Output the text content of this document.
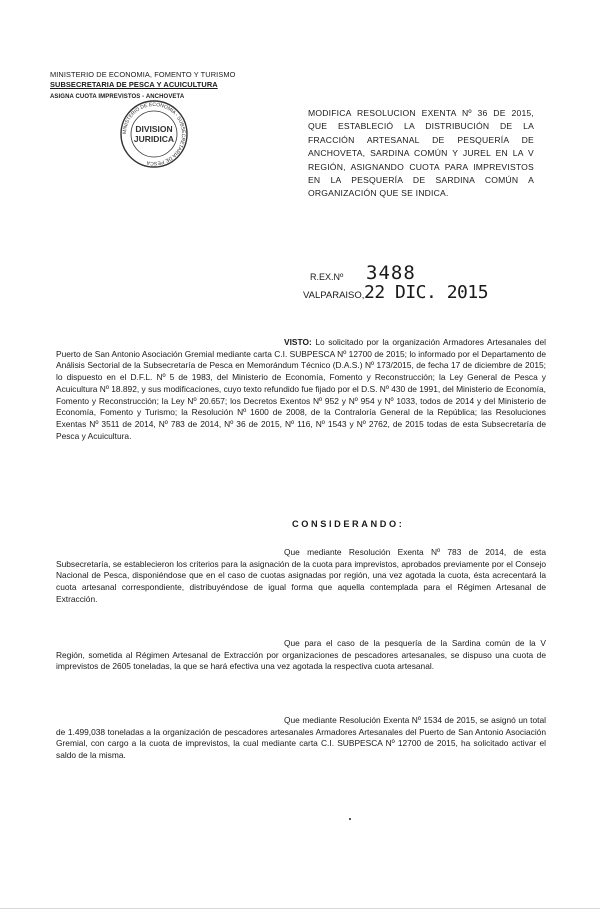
MINISTERIO DE ECONOMIA, FOMENTO Y TURISMO
SUBSECRETARIA DE PESCA Y ACUICULTURA
ASIGNA CUOTA IMPREVISTOS - ANCHOVETA
MINISTERIO DE ECONOMIA - SUBSECRETARIA DE PESCA
DIVISION
JURIDICA
MODIFICA RESOLUCION EXENTA Nº 36 DE 2015, QUE ESTABLECIÓ LA DISTRIBUCIÓN DE LA FRACCIÓN ARTESANAL DE PESQUERÍA DE ANCHOVETA, SARDINA COMÚN Y JUREL EN LA V REGIÓN, ASIGNANDO CUOTA PARA IMPREVISTOS EN LA PESQUERÍA DE SARDINA COMÚN A ORGANIZACIÓN QUE SE INDICA.
R.EX.Nº 3488
VALPARAISO, 22 DIC. 2015
VISTO: Lo solicitado por la organización Armadores Artesanales del Puerto de San Antonio Asociación Gremial mediante carta C.I. SUBPESCA Nº 12700 de 2015; lo informado por el Departamento de Análisis Sectorial de la Subsecretaría de Pesca en Memorándum Técnico (D.A.S.) Nº 173/2015, de fecha 17 de diciembre de 2015; lo dispuesto en el D.F.L. Nº 5 de 1983, del Ministerio de Economía, Fomento y Reconstrucción; la Ley General de Pesca y Acuicultura Nº 18.892, y sus modificaciones, cuyo texto refundido fue fijado por el D.S. Nº 430 de 1991, del Ministerio de Economía, Fomento y Reconstrucción; la Ley Nº 20.657; los Decretos Exentos Nº 952 y Nº 954 y Nº 1033, todos de 2014 y del Ministerio de Economía, Fomento y Turismo; la Resolución Nº 1600 de 2008, de la Contraloría General de la República; las Resoluciones Exentas Nº 3511 de 2014, Nº 783 de 2014, Nº 36 de 2015, Nº 116, Nº 1543 y Nº 2762, de 2015 todas de esta Subsecretaría de Pesca y Acuicultura.
CONSIDERANDO:
Que mediante Resolución Exenta Nº 783 de 2014, de esta Subsecretaría, se establecieron los criterios para la asignación de la cuota para imprevistos, aprobados previamente por el Consejo Nacional de Pesca, disponiéndose que en el caso de cuotas asignadas por región, una vez agotada la cuota, ésta acrecentará la cuota artesanal correspondiente, distribuyéndose de igual forma que aquella contemplada para el Régimen Artesanal de Extracción.
Que para el caso de la pesquería de la Sardina común de la V Región, sometida al Régimen Artesanal de Extracción por organizaciones de pescadores artesanales, se dispuso una cuota de imprevistos de 2605 toneladas, la que se hará efectiva una vez agotada la respectiva cuota artesanal.
Que mediante Resolución Exenta Nº 1534 de 2015, se asignó un total de 1.499,038 toneladas a la organización de pescadores artesanales Armadores Artesanales del Puerto de San Antonio Asociación Gremial, con cargo a la cuota de imprevistos, la cual mediante carta C.I. SUBPESCA Nº 12700 de 2015, ha solicitado activar el saldo de la misma.
